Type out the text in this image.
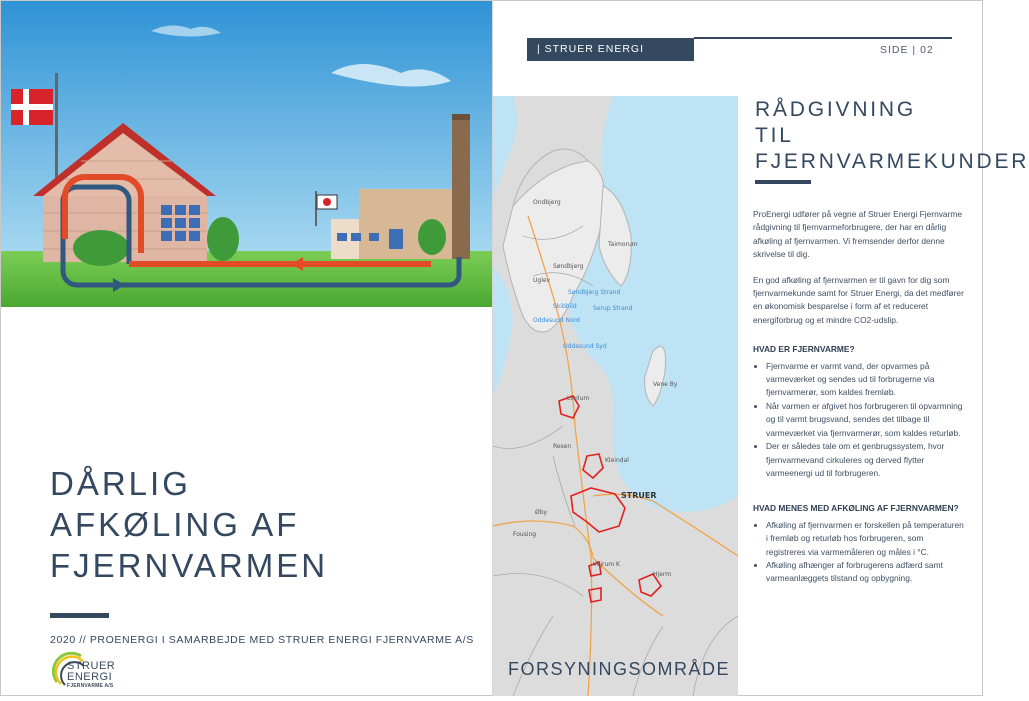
DÅRLIG
AFKØLING AF
FJERNVARMEN
2020 // PROENERGI I SAMARBEJDE MED STRUER ENERGI FJERNVARME A/S
STRUER
ENERGI
FJERNVARME A/S
| STRUER ENERGI	SIDE | 02
Limlum
Resen
Kleindal
Øby
Hjerm
Vejrum K
Fousing
Vene By
Ondbjerg
Taimorum
Søndbjerg
Søndbjerg Strand
Serup Strand
Oddesund Nord
Oddesund Syd
Skibbild
Uglev
STRUER
FORSYNINGSOMRÅDE
RÅDGIVNING
TIL
FJERNVARMEKUNDER

ProEnergi udfører på vegne af Struer Energi Fjernvarme rådgivning til fjernvarmeforbrugere, der har en dårlig afkøling af fjernvarmen. Vi fremsender derfor denne skrivelse til dig.

En god afkøling af fjernvarmen er til gavn for dig som fjernvarmekunde samt for Struer Energi, da det medfører en økonomisk besparelse i form af et reduceret energiforbrug og et mindre CO2-udslip.

HVAD ER FJERNVARME?
• Fjernvarme er varmt vand, der opvarmes på varmeværket og sendes ud til forbrugerne via fjernvarmerør, som kaldes fremløb.
• Når varmen er afgivet hos forbrugeren til opvarmning og til varmt brugsvand, sendes det tilbage til varmeværket via fjernvarmerør, som kaldes returløb.
• Der er således tale om et genbrugssystem, hvor fjernvarmevand cirkuleres og derved flytter varmeenergi ud til forbrugeren.
HVAD MENES MED AFKØLING AF FJERNVARMEN?
• Afkøling af fjernvarmen er forskellen på temperaturen i fremløb og returløb hos forbrugeren, som registreres via varmemåleren og måles i °C.
• Afkøling afhænger af forbrugerens adfærd samt varmeanlæggets tilstand og opbygning.
